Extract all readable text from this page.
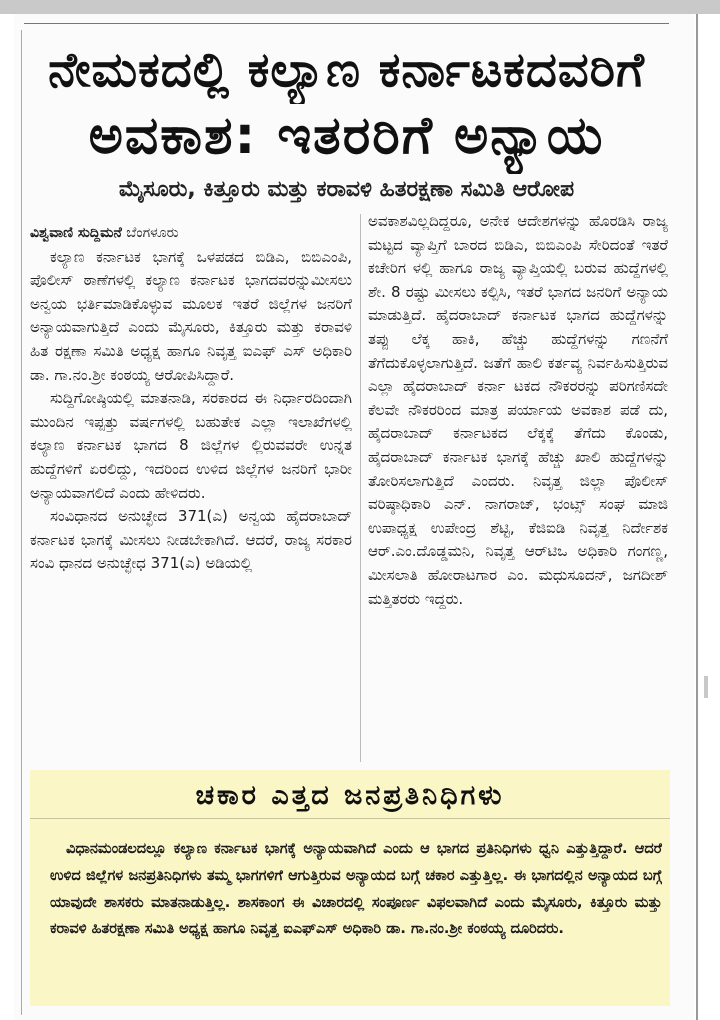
ನೇಮಕದಲ್ಲಿ ಕಲ್ಯಾಣ ಕರ್ನಾಟಕದವರಿಗೆ
ಅವಕಾಶ: ಇತರರಿಗೆ ಅನ್ಯಾಯ
ಮೈಸೂರು, ಕಿತ್ತೂರು ಮತ್ತು ಕರಾವಳಿ ಹಿತರಕ್ಷಣಾ ಸಮಿತಿ ಆರೋಪ

ವಿಶ್ವವಾಣಿ ಸುದ್ದಿಮನೆ ಬೆಂಗಳೂರು

ಕಲ್ಯಾಣ ಕರ್ನಾಟಕ ಭಾಗಕ್ಕೆ ಒಳಪಡದ ಬಿಡಿಎ, ಬಿಬಿಎಂಪಿ, ಪೊಲೀಸ್ ಠಾಣೆಗಳಲ್ಲಿ ಕಲ್ಯಾಣ ಕರ್ನಾಟಕ ಭಾಗದವರನ್ನುಮೀಸಲು ಅನ್ವಯ ಭರ್ತಿಮಾಡಿಕೊಳ್ಳುವ ಮೂಲಕ ಇತರೆ ಜಿಲ್ಲೆಗಳ ಜನರಿಗೆ ಅನ್ಯಾಯವಾಗುತ್ತಿದೆ ಎಂದು ಮೈಸೂರು, ಕಿತ್ತೂರು ಮತ್ತು ಕರಾವಳಿ ಹಿತ ರಕ್ಷಣಾ ಸಮಿತಿ ಅಧ್ಯಕ್ಷ ಹಾಗೂ ನಿವೃತ್ತ ಐಎಫ್ ಎಸ್ ಅಧಿಕಾರಿ ಡಾ. ಗಾ.ನಂ.ಶ್ರೀ ಕಂಠಯ್ಯ ಆರೋಪಿಸಿದ್ದಾರೆ.

ಸುದ್ದಿಗೋಷ್ಠಿಯಲ್ಲಿ ಮಾತನಾಡಿ, ಸರಕಾರದ ಈ ನಿರ್ಧಾರದಿಂದಾಗಿ ಮುಂದಿನ ಇಪ್ಪತ್ತು ವರ್ಷಗಳಲ್ಲಿ ಬಹುತೇಕ ಎಲ್ಲಾ ಇಲಾಖೆಗಳಲ್ಲಿ ಕಲ್ಯಾಣ ಕರ್ನಾಟಕ ಭಾಗದ 8 ಜಿಲ್ಲೆಗಳ ಲ್ಲಿರುವವರೇ ಉನ್ನತ ಹುದ್ದೆಗಳಿಗೆ ಏರಲಿದ್ದು, ಇದರಿಂದ ಉಳಿದ ಜಿಲ್ಲೆಗಳ ಜನರಿಗೆ ಭಾರೀ ಅನ್ಯಾಯವಾಗಲಿದೆ ಎಂದು ಹೇಳಿದರು.

ಸಂವಿಧಾನದ ಅನುಚ್ಛೇದ 371(ಎ) ಅನ್ವಯ ಹೈದರಾಬಾದ್ ಕರ್ನಾಟಕ ಭಾಗಕ್ಕೆ ಮೀಸಲು ನೀಡಬೇಕಾಗಿದೆ. ಆದರೆ, ರಾಜ್ಯ ಸರಕಾರ ಸಂವಿ ಧಾನದ ಅನುಚ್ಛೇಧ 371(ಎ) ಅಡಿಯಲ್ಲಿ

ಅವಕಾಶವಿಲ್ಲದಿದ್ದರೂ, ಅನೇಕ ಆದೇಶಗಳನ್ನು ಹೊರಡಿಸಿ ರಾಜ್ಯ ಮಟ್ಟದ ವ್ಯಾಪ್ತಿಗೆ ಬಾರದ ಬಿಡಿಎ, ಬಿಬಿಎಂಪಿ ಸೇರಿದಂತೆ ಇತರೆ ಕಚೇರಿಗ ಳಲ್ಲಿ ಹಾಗೂ ರಾಜ್ಯ ವ್ಯಾಪ್ತಿಯಲ್ಲಿ ಬರುವ ಹುದ್ದೆಗಳಲ್ಲಿ ಶೇ. 8 ರಷ್ಟು ಮೀಸಲು ಕಲ್ಪಿಸಿ, ಇತರೆ ಭಾಗದ ಜನರಿಗೆ ಅನ್ಯಾಯ ಮಾಡುತ್ತಿದೆ. ಹೈದರಾಬಾದ್ ಕರ್ನಾಟಕ ಭಾಗದ ಹುದ್ದೆಗಳನ್ನು ತಪ್ಪು ಲೆಕ್ಕ ಹಾಕಿ, ಹೆಚ್ಚು ಹುದ್ದೆಗಳನ್ನು ಗಣನೆಗೆ ತೆಗೆದುಕೊಳ್ಳಲಾಗುತ್ತಿದೆ. ಜತೆಗೆ ಹಾಲಿ ಕರ್ತವ್ಯ ನಿರ್ವಹಿಸುತ್ತಿರುವ ಎಲ್ಲಾ ಹೈದರಾಬಾದ್ ಕರ್ನಾ ಟಕದ ನೌಕರರನ್ನು ಪರಿಗಣಿಸದೇ ಕೆಲವೇ ನೌಕರರಿಂದ ಮಾತ್ರ ಪರ್ಯಾಯ ಅವಕಾಶ ಪಡೆ ದು, ಹೈದರಾಬಾದ್ ಕರ್ನಾಟಕದ ಲೆಕ್ಕಕ್ಕೆ ತೆಗೆದು ಕೊಂಡು, ಹೈದರಾಬಾದ್ ಕರ್ನಾಟಕ ಭಾಗಕ್ಕೆ ಹೆಚ್ಚು ಖಾಲಿ ಹುದ್ದೆಗಳನ್ನು ತೋರಿಸಲಾಗುತ್ತಿದೆ ಎಂದರು. ನಿವೃತ್ತ ಜಿಲ್ಲಾ ಪೊಲೀಸ್ ವರಿಷ್ಠಾಧಿಕಾರಿ ಎನ್. ನಾಗರಾಜ್, ಭಂಟ್ಸ್ ಸಂಘ ಮಾಜಿ ಉಪಾಧ್ಯಕ್ಷ ಉಪೇಂದ್ರ ಶೆಟ್ಟಿ, ಕೆಜಿಐಡಿ ನಿವೃತ್ತ ನಿರ್ದೇಶಕ ಆರ್.ಎಂ.ದೊಡ್ಡಮನಿ, ನಿವೃತ್ತ ಆರ್‌ಟಿಒ ಅಧಿಕಾರಿ ಗಂಗಣ್ಣ, ಮೀಸಲಾತಿ ಹೋರಾಟಗಾರ ಎಂ. ಮಧುಸೂದನ್, ಜಗದೀಶ್ ಮತ್ತಿತರರು ಇದ್ದರು.

ಚಕಾರ ಎತ್ತದ ಜನಪ್ರತಿನಿಧಿಗಳು
ವಿಧಾನಮಂಡಲದಲ್ಲೂ ಕಲ್ಯಾಣ ಕರ್ನಾಟಕ ಭಾಗಕ್ಕೆ ಅನ್ಯಾಯವಾಗಿದೆ ಎಂದು ಆ ಭಾಗದ ಪ್ರತಿನಿಧಿಗಳು ಧ್ವನಿ ಎತ್ತುತ್ತಿದ್ದಾರೆ. ಆದರೆ ಉಳಿದ ಜಿಲ್ಲೆಗಳ ಜನಪ್ರತಿನಿಧಿಗಳು ತಮ್ಮ ಭಾಗಗಳಿಗೆ ಆಗುತ್ತಿರುವ ಅನ್ಯಾಯದ ಬಗ್ಗೆ ಚಕಾರ ಎತ್ತುತ್ತಿಲ್ಲ. ಈ ಭಾಗದಲ್ಲಿನ ಅನ್ಯಾಯದ ಬಗ್ಗೆ ಯಾವುದೇ ಶಾಸಕರು ಮಾತನಾಡುತ್ತಿಲ್ಲ. ಶಾಸಕಾಂಗ ಈ ವಿಚಾರದಲ್ಲಿ ಸಂಪೂರ್ಣ ವಿಫಲವಾಗಿದೆ ಎಂದು ಮೈಸೂರು, ಕಿತ್ತೂರು ಮತ್ತು ಕರಾವಳಿ ಹಿತರಕ್ಷಣಾ ಸಮಿತಿ ಅಧ್ಯಕ್ಷ ಹಾಗೂ ನಿವೃತ್ತ ಐಎಫ್‌ಎಸ್ ಅಧಿಕಾರಿ ಡಾ. ಗಾ.ನಂ.ಶ್ರೀ ಕಂಠಯ್ಯ ದೂರಿದರು.
